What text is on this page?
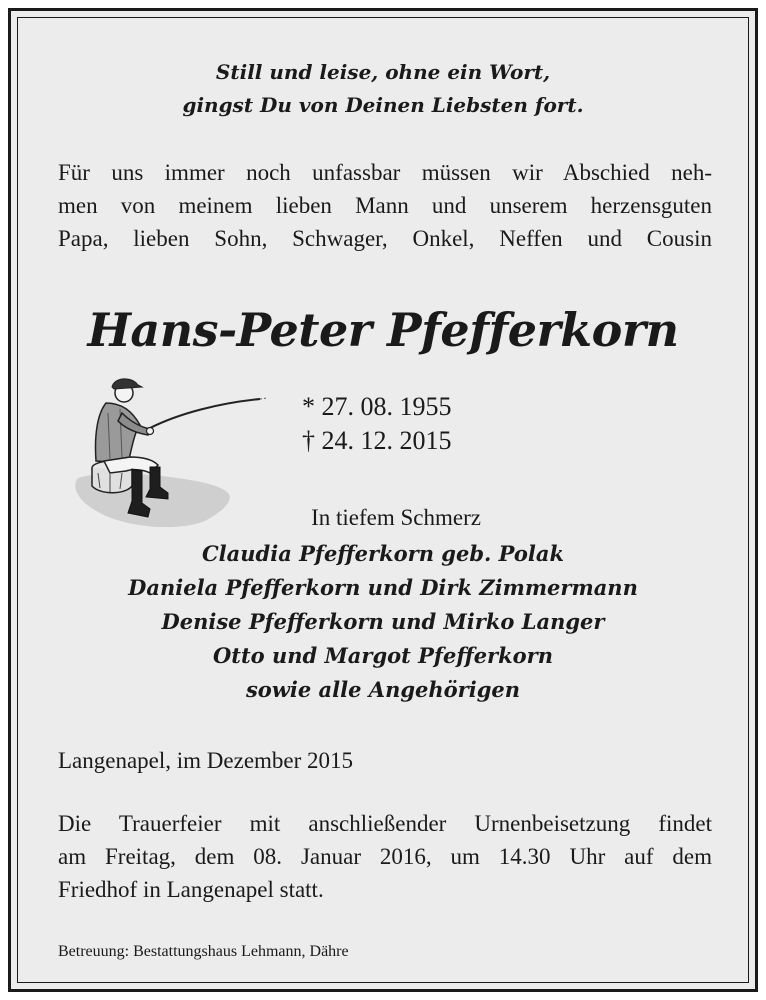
Still und leise, ohne ein Wort,
gingst Du von Deinen Liebsten fort.
Für uns immer noch unfassbar müssen wir Abschied neh-
men von meinem lieben Mann und unserem herzensguten
Papa, lieben Sohn, Schwager, Onkel, Neffen und Cousin
Hans-Peter Pfefferkorn
* 27. 08. 1955
† 24. 12. 2015
In tiefem Schmerz
Claudia Pfefferkorn geb. Polak
Daniela Pfefferkorn und Dirk Zimmermann
Denise Pfefferkorn und Mirko Langer
Otto und Margot Pfefferkorn
sowie alle Angehörigen
Langenapel, im Dezember 2015
Die Trauerfeier mit anschließender Urnenbeisetzung findet
am Freitag, dem 08. Januar 2016, um 14.30 Uhr auf dem
Friedhof in Langenapel statt.
Betreuung: Bestattungshaus Lehmann, Dähre
